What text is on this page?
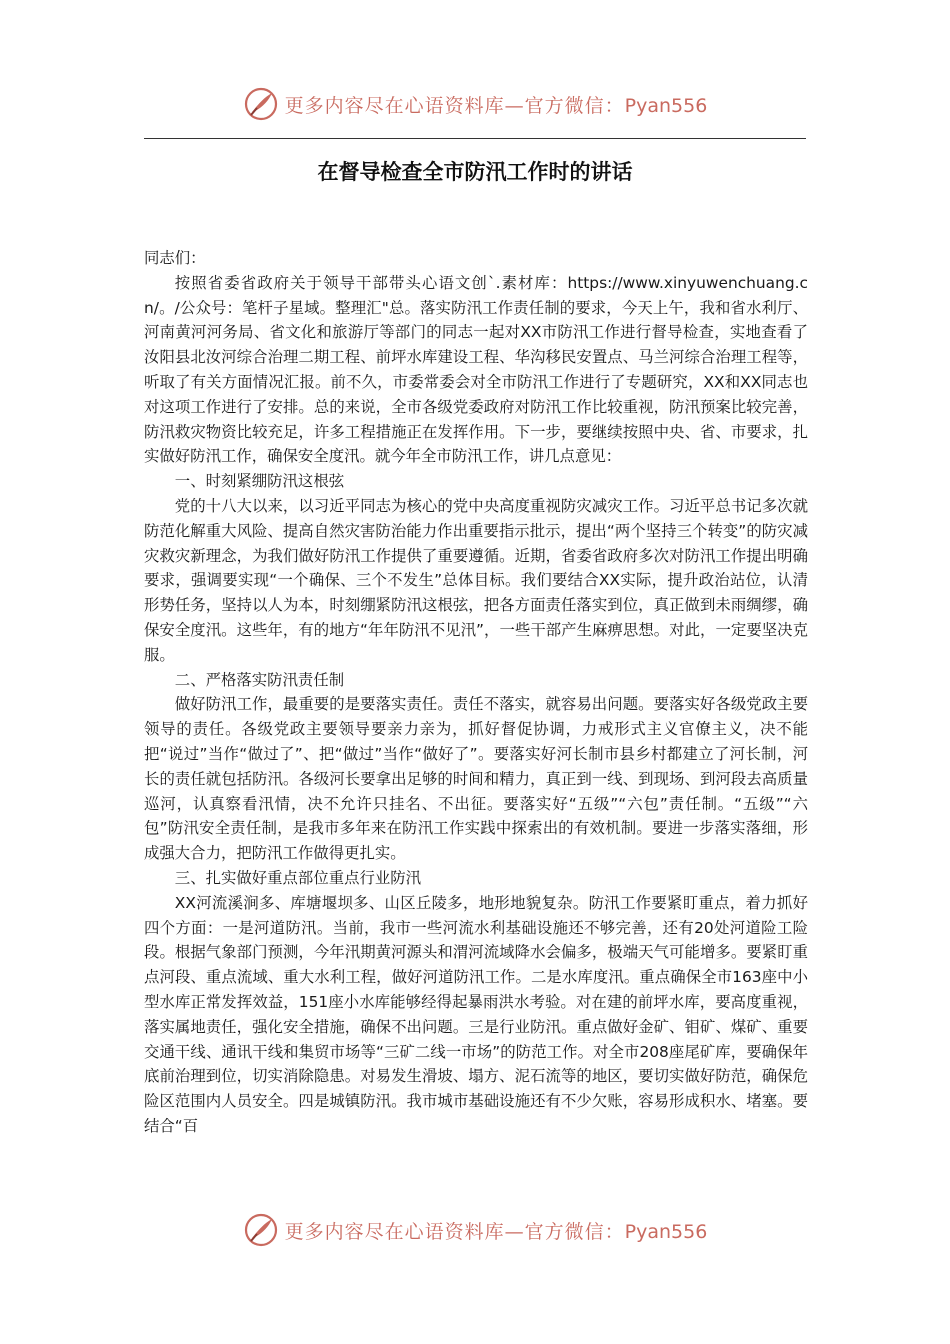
更多内容尽在心语资料库—官方微信：Pyan556
在督导检查全市防汛工作时的讲话

同志们：

按照省委省政府关于领导干部带头心语文创`.素材库：https://www.xinyuwenchuang.cn/。/公众号：笔杆子星域。整理汇"总。落实防汛工作责任制的要求，今天上午，我和省水利厅、河南黄河河务局、省文化和旅游厅等部门的同志一起对XX市防汛工作进行督导检查，实地查看了汝阳县北汝河综合治理二期工程、前坪水库建设工程、华沟移民安置点、马兰河综合治理工程等，听取了有关方面情况汇报。前不久，市委常委会对全市防汛工作进行了专题研究，XX和XX同志也对这项工作进行了安排。总的来说，全市各级党委政府对防汛工作比较重视，防汛预案比较完善，防汛救灾物资比较充足，许多工程措施正在发挥作用。下一步，要继续按照中央、省、市要求，扎实做好防汛工作，确保安全度汛。就今年全市防汛工作，讲几点意见：

一、时刻紧绷防汛这根弦

党的十八大以来，以习近平同志为核心的党中央高度重视防灾减灾工作。习近平总书记多次就防范化解重大风险、提高自然灾害防治能力作出重要指示批示，提出“两个坚持三个转变”的防灾减灾救灾新理念，为我们做好防汛工作提供了重要遵循。近期，省委省政府多次对防汛工作提出明确要求，强调要实现“一个确保、三个不发生”总体目标。我们要结合XX实际，提升政治站位，认清形势任务，坚持以人为本，时刻绷紧防汛这根弦，把各方面责任落实到位，真正做到未雨绸缪，确保安全度汛。这些年，有的地方“年年防汛不见汛”，一些干部产生麻痹思想。对此，一定要坚决克服。

二、严格落实防汛责任制

做好防汛工作，最重要的是要落实责任。责任不落实，就容易出问题。要落实好各级党政主要领导的责任。各级党政主要领导要亲力亲为，抓好督促协调，力戒形式主义官僚主义，决不能把“说过”当作“做过了”、把“做过”当作“做好了”。要落实好河长制市县乡村都建立了河长制，河长的责任就包括防汛。各级河长要拿出足够的时间和精力，真正到一线、到现场、到河段去高质量巡河，认真察看汛情，决不允许只挂名、不出征。要落实好“五级”“六包”责任制。“五级”“六包”防汛安全责任制，是我市多年来在防汛工作实践中探索出的有效机制。要进一步落实落细，形成强大合力，把防汛工作做得更扎实。

三、扎实做好重点部位重点行业防汛

XX河流溪涧多、库塘堰坝多、山区丘陵多，地形地貌复杂。防汛工作要紧盯重点，着力抓好四个方面：一是河道防汛。当前，我市一些河流水利基础设施还不够完善，还有20处河道险工险段。根据气象部门预测，今年汛期黄河源头和渭河流域降水会偏多，极端天气可能增多。要紧盯重点河段、重点流域、重大水利工程，做好河道防汛工作。二是水库度汛。重点确保全市163座中小型水库正常发挥效益，151座小水库能够经得起暴雨洪水考验。对在建的前坪水库，要高度重视，落实属地责任，强化安全措施，确保不出问题。三是行业防汛。重点做好金矿、钼矿、煤矿、重要交通干线、通讯干线和集贸市场等“三矿二线一市场”的防范工作。对全市208座尾矿库，要确保年底前治理到位，切实消除隐患。对易发生滑坡、塌方、泥石流等的地区，要切实做好防范，确保危险区范围内人员安全。四是城镇防汛。我市城市基础设施还有不少欠账，容易形成积水、堵塞。要结合“百

更多内容尽在心语资料库—官方微信：Pyan556
